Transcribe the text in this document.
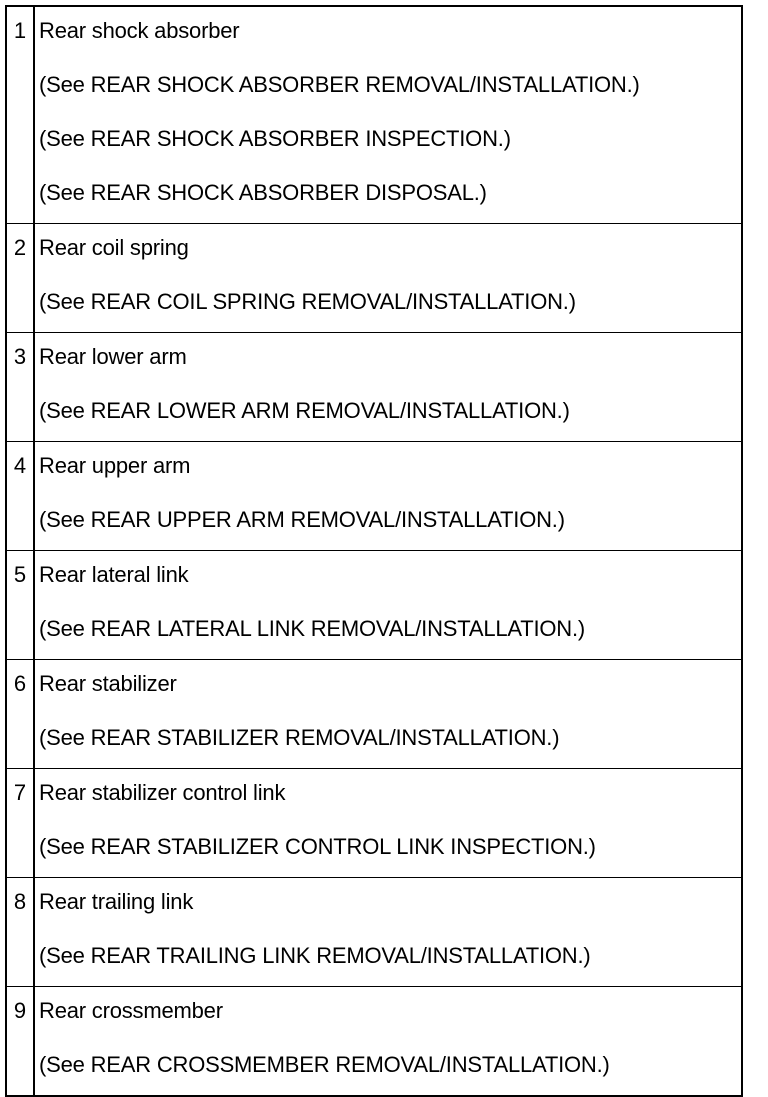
1 Rear shock absorber
(See REAR SHOCK ABSORBER REMOVAL/INSTALLATION.)
(See REAR SHOCK ABSORBER INSPECTION.)
(See REAR SHOCK ABSORBER DISPOSAL.)
2 Rear coil spring
(See REAR COIL SPRING REMOVAL/INSTALLATION.)
3 Rear lower arm
(See REAR LOWER ARM REMOVAL/INSTALLATION.)
4 Rear upper arm
(See REAR UPPER ARM REMOVAL/INSTALLATION.)
5 Rear lateral link
(See REAR LATERAL LINK REMOVAL/INSTALLATION.)
6 Rear stabilizer
(See REAR STABILIZER REMOVAL/INSTALLATION.)
7 Rear stabilizer control link
(See REAR STABILIZER CONTROL LINK INSPECTION.)
8 Rear trailing link
(See REAR TRAILING LINK REMOVAL/INSTALLATION.)
9 Rear crossmember
(See REAR CROSSMEMBER REMOVAL/INSTALLATION.)
